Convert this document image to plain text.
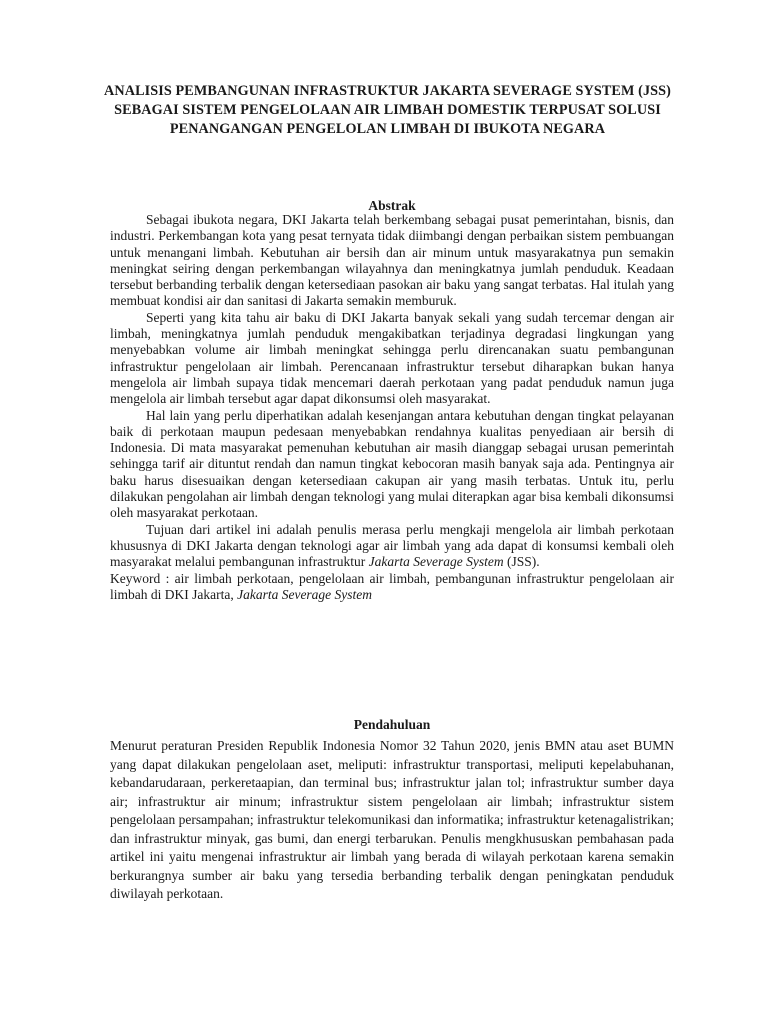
ANALISIS PEMBANGUNAN INFRASTRUKTUR JAKARTA SEVERAGE SYSTEM (JSS) SEBAGAI SISTEM PENGELOLAAN AIR LIMBAH DOMESTIK TERPUSAT SOLUSI PENANGANGAN PENGELOLAN LIMBAH DI IBUKOTA NEGARA
Abstrak

Sebagai ibukota negara, DKI Jakarta telah berkembang sebagai pusat pemerintahan, bisnis, dan industri. Perkembangan kota yang pesat ternyata tidak diimbangi dengan perbaikan sistem pembuangan untuk menangani limbah. Kebutuhan air bersih dan air minum untuk masyarakatnya pun semakin meningkat seiring dengan perkembangan wilayahnya dan meningkatnya jumlah penduduk. Keadaan tersebut berbanding terbalik dengan ketersediaan pasokan air baku yang sangat terbatas. Hal itulah yang membuat kondisi air dan sanitasi di Jakarta semakin memburuk.

Seperti yang kita tahu air baku di DKI Jakarta banyak sekali yang sudah tercemar dengan air limbah, meningkatnya jumlah penduduk mengakibatkan terjadinya degradasi lingkungan yang menyebabkan volume air limbah meningkat sehingga perlu direncanakan suatu pembangunan infrastruktur pengelolaan air limbah. Perencanaan infrastruktur tersebut diharapkan bukan hanya mengelola air limbah supaya tidak mencemari daerah perkotaan yang padat penduduk namun juga mengelola air limbah tersebut agar dapat dikonsumsi oleh masyarakat.

Hal lain yang perlu diperhatikan adalah kesenjangan antara kebutuhan dengan tingkat pelayanan baik di perkotaan maupun pedesaan menyebabkan rendahnya kualitas penyediaan air bersih di Indonesia. Di mata masyarakat pemenuhan kebutuhan air masih dianggap sebagai urusan pemerintah sehingga tarif air dituntut rendah dan namun tingkat kebocoran masih banyak saja ada. Pentingnya air baku harus disesuaikan dengan ketersediaan cakupan air yang masih terbatas. Untuk itu, perlu dilakukan pengolahan air limbah dengan teknologi yang mulai diterapkan agar bisa kembali dikonsumsi oleh masyarakat perkotaan.

Tujuan dari artikel ini adalah penulis merasa perlu mengkaji mengelola air limbah perkotaan khususnya di DKI Jakarta dengan teknologi agar air limbah yang ada dapat di konsumsi kembali oleh masyarakat melalui pembangunan infrastruktur Jakarta Severage System (JSS).

Keyword : air limbah perkotaan, pengelolaan air limbah, pembangunan infrastruktur pengelolaan air limbah di DKI Jakarta, Jakarta Severage System

Pendahuluan

Menurut peraturan Presiden Republik Indonesia Nomor 32 Tahun 2020, jenis BMN atau aset BUMN yang dapat dilakukan pengelolaan aset, meliputi: infrastruktur transportasi, meliputi kepelabuhanan, kebandarudaraan, perkeretaapian, dan terminal bus; infrastruktur jalan tol; infrastruktur sumber daya air; infrastruktur air minum; infrastruktur sistem pengelolaan air limbah; infrastruktur sistem pengelolaan persampahan; infrastruktur telekomunikasi dan informatika; infrastruktur ketenagalistrikan; dan infrastruktur minyak, gas bumi, dan energi terbarukan. Penulis mengkhususkan pembahasan pada artikel ini yaitu mengenai infrastruktur air limbah yang berada di wilayah perkotaan karena semakin berkurangnya sumber air baku yang tersedia berbanding terbalik dengan peningkatan penduduk diwilayah perkotaan.
